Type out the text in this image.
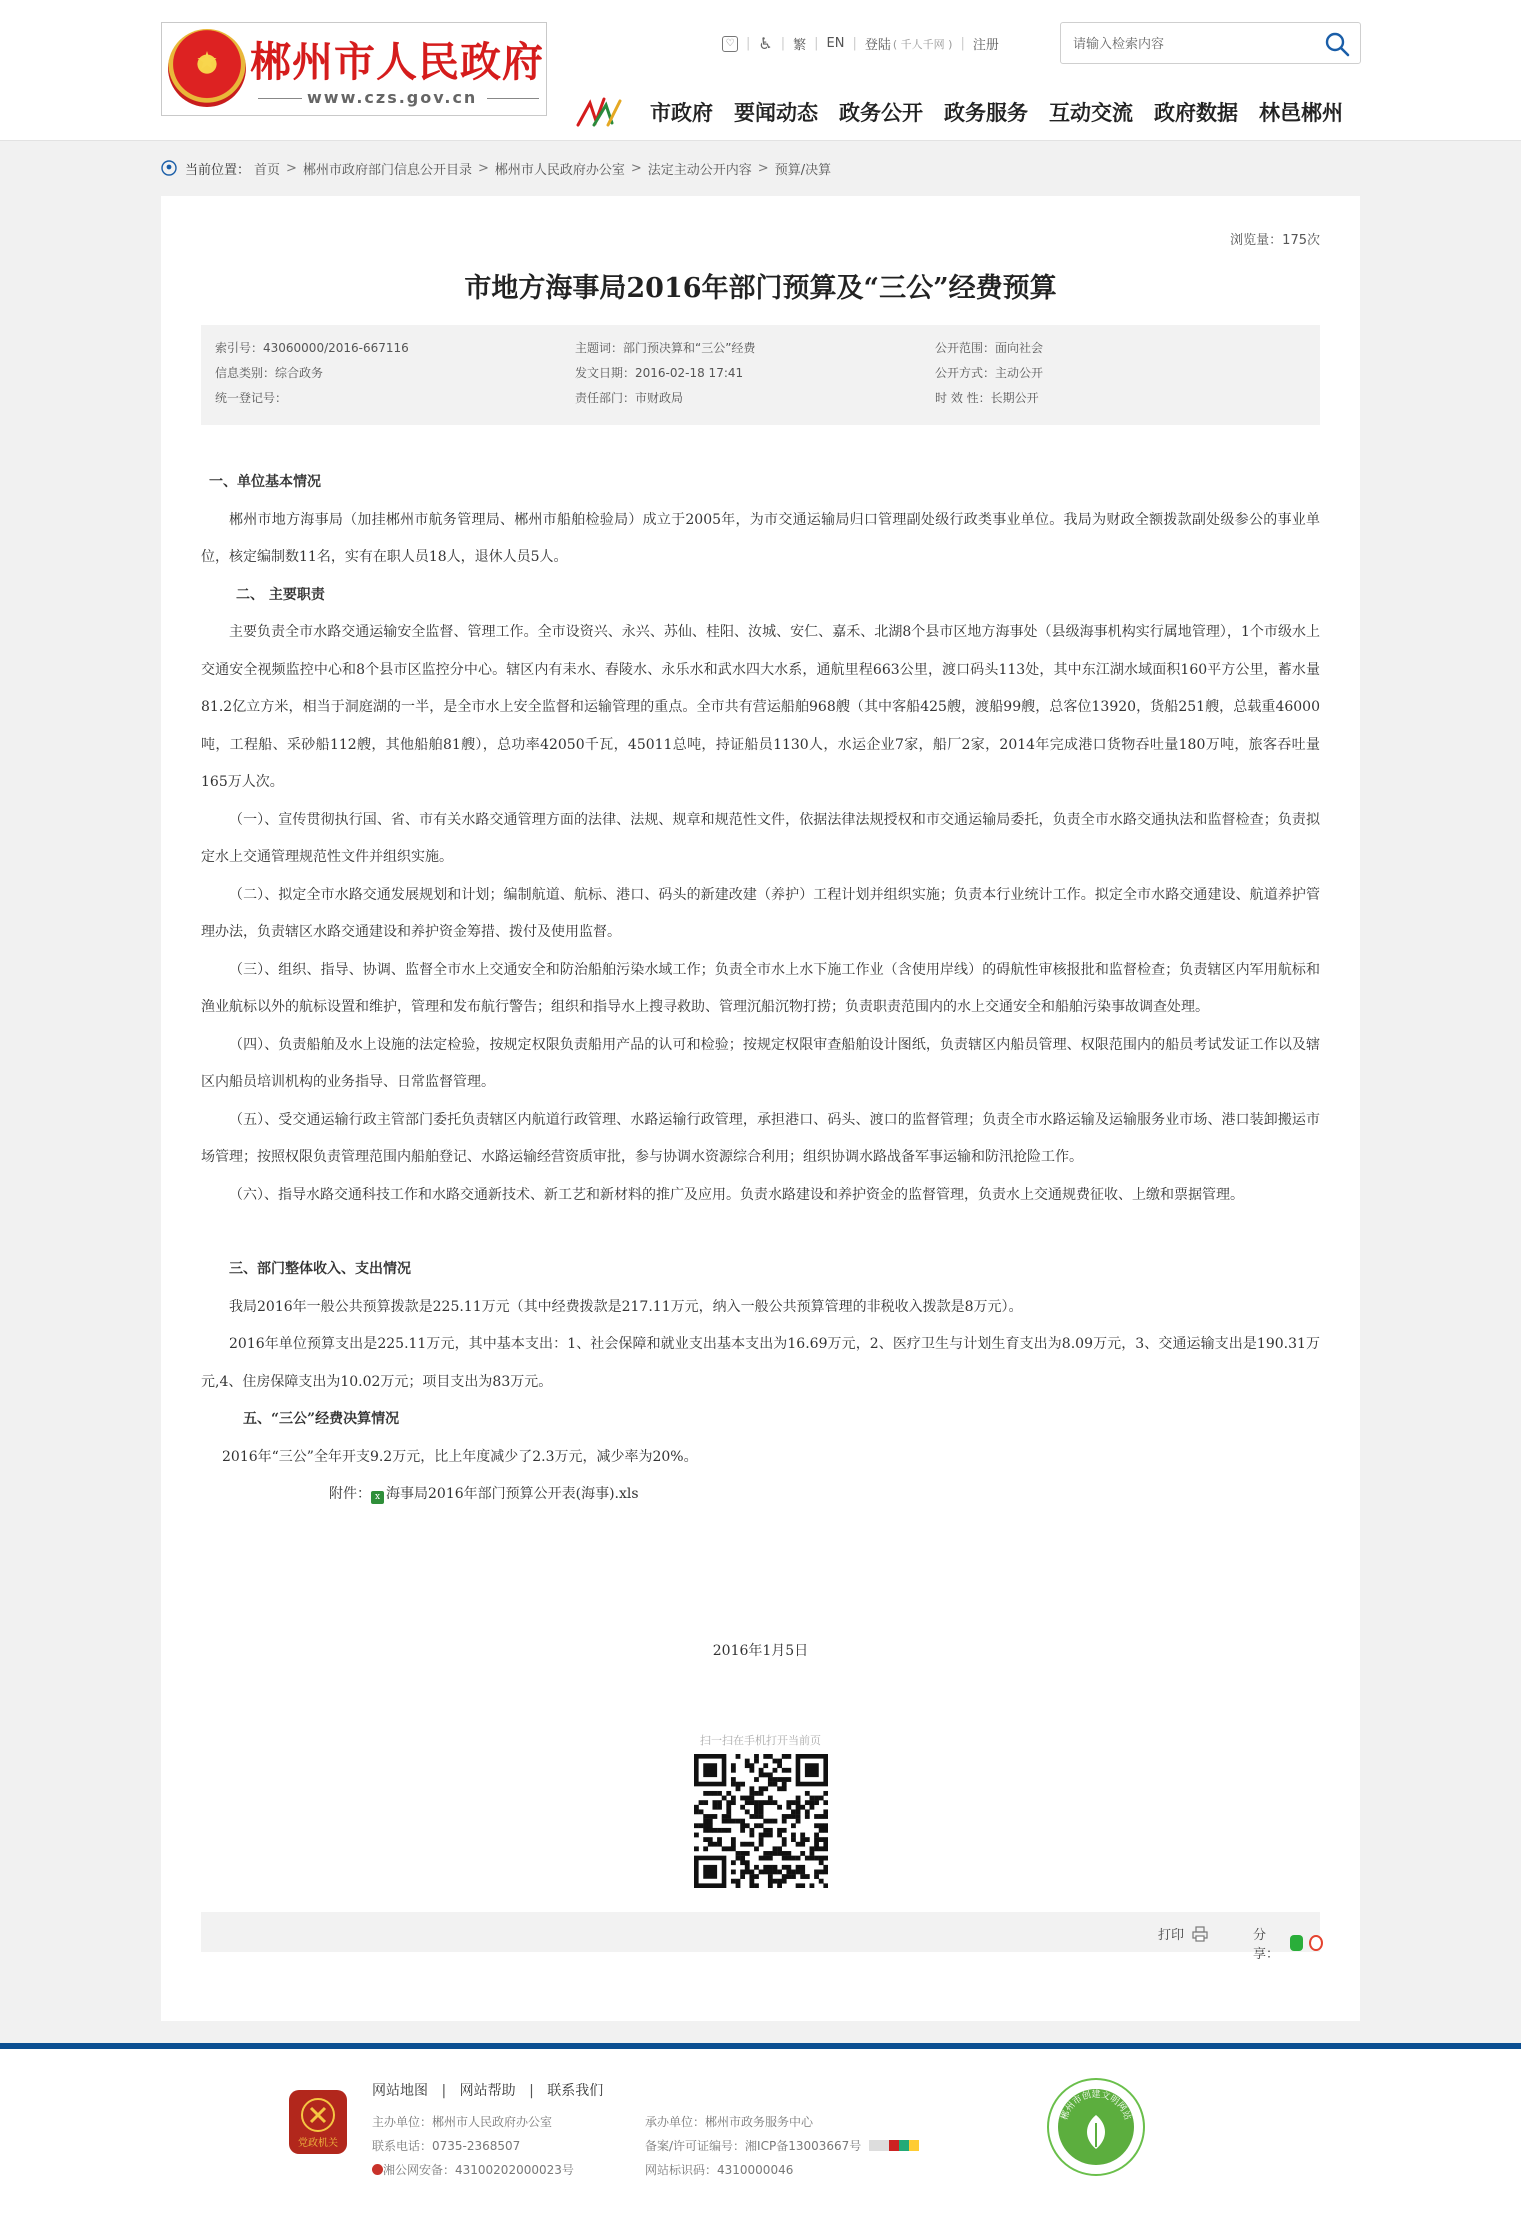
郴州市人民政府
www.czs.gov.cn
♡ | ♿ | 繁 | EN | 登陆 ( 千人千网 ) | 注册
请输入检索内容
市政府 要闻动态 政务公开 政务服务 互动交流 政府数据 林邑郴州
当前位置： 首页 > 郴州市政府部门信息公开目录 > 郴州市人民政府办公室 > 法定主动公开内容 > 预算/决算
浏览量：175次
市地方海事局2016年部门预算及“三公”经费预算
索引号：43060000/2016-667116
信息类别：综合政务
统一登记号：
主题词：部门预决算和“三公”经费
发文日期：2016-02-18 17:41
责任部门：市财政局
公开范围：面向社会
公开方式：主动公开
时 效 性：长期公开

一、单位基本情况

郴州市地方海事局（加挂郴州市航务管理局、郴州市船舶检验局）成立于2005年，为市交通运输局归口管理副处级行政类事业单位。我局为财政全额拨款副处级参公的事业单位，核定编制数11名，实有在职人员18人，退休人员5人。

二、 主要职责

主要负责全市水路交通运输安全监督、管理工作。全市设资兴、永兴、苏仙、桂阳、汝城、安仁、嘉禾、北湖8个县市区地方海事处（县级海事机构实行属地管理），1个市级水上交通安全视频监控中心和8个县市区监控分中心。辖区内有耒水、舂陵水、永乐水和武水四大水系，通航里程663公里，渡口码头113处，其中东江湖水域面积160平方公里，蓄水量81.2亿立方米，相当于洞庭湖的一半，是全市水上安全监督和运输管理的重点。全市共有营运船舶968艘（其中客船425艘，渡船99艘，总客位13920，货船251艘，总载重46000吨，工程船、采砂船112艘，其他船舶81艘），总功率42050千瓦，45011总吨，持证船员1130人，水运企业7家，船厂2家，2014年完成港口货物吞吐量180万吨，旅客吞吐量165万人次。

（一）、宣传贯彻执行国、省、市有关水路交通管理方面的法律、法规、规章和规范性文件，依据法律法规授权和市交通运输局委托，负责全市水路交通执法和监督检查；负责拟定水上交通管理规范性文件并组织实施。

（二）、拟定全市水路交通发展规划和计划；编制航道、航标、港口、码头的新建改建（养护）工程计划并组织实施；负责本行业统计工作。拟定全市水路交通建设、航道养护管理办法，负责辖区水路交通建设和养护资金筹措、拨付及使用监督。

（三）、组织、指导、协调、监督全市水上交通安全和防治船舶污染水域工作；负责全市水上水下施工作业（含使用岸线）的碍航性审核报批和监督检查；负责辖区内军用航标和渔业航标以外的航标设置和维护，管理和发布航行警告；组织和指导水上搜寻救助、管理沉船沉物打捞；负责职责范围内的水上交通安全和船舶污染事故调查处理。

（四）、负责船舶及水上设施的法定检验，按规定权限负责船用产品的认可和检验；按规定权限审查船舶设计图纸，负责辖区内船员管理、权限范围内的船员考试发证工作以及辖区内船员培训机构的业务指导、日常监督管理。

（五）、受交通运输行政主管部门委托负责辖区内航道行政管理、水路运输行政管理，承担港口、码头、渡口的监督管理；负责全市水路运输及运输服务业市场、港口装卸搬运市场管理；按照权限负责管理范围内船舶登记、水路运输经营资质审批，参与协调水资源综合利用；组织协调水路战备军事运输和防汛抢险工作。

（六）、指导水路交通科技工作和水路交通新技术、新工艺和新材料的推广及应用。负责水路建设和养护资金的监督管理，负责水上交通规费征收、上缴和票据管理。

三、部门整体收入、支出情况

我局2016年一般公共预算拨款是225.11万元（其中经费拨款是217.11万元，纳入一般公共预算管理的非税收入拨款是8万元）。

2016年单位预算支出是225.11万元，其中基本支出：1、社会保障和就业支出基本支出为16.69万元，2、医疗卫生与计划生育支出为8.09万元，3、交通运输支出是190.31万元,4、住房保障支出为10.02万元；项目支出为83万元。

五、“三公”经费决算情况

2016年“三公”全年开支9.2万元，比上年度减少了2.3万元，减少率为20%。

附件： x 海事局2016年部门预算公开表(海事).xls

2016年1月5日
扫一扫在手机打开当前页
打印	分享：
党政机关
网站地图 | 网站帮助 | 联系我们
主办单位：郴州市人民政府办公室
联系电话：0735-2368507
湘公网安备：43100202000023号
承办单位：郴州市政务服务中心
备案/许可证编号：湘ICP备13003667号
网站标识码：4310000046
郴州市创建文明网站
